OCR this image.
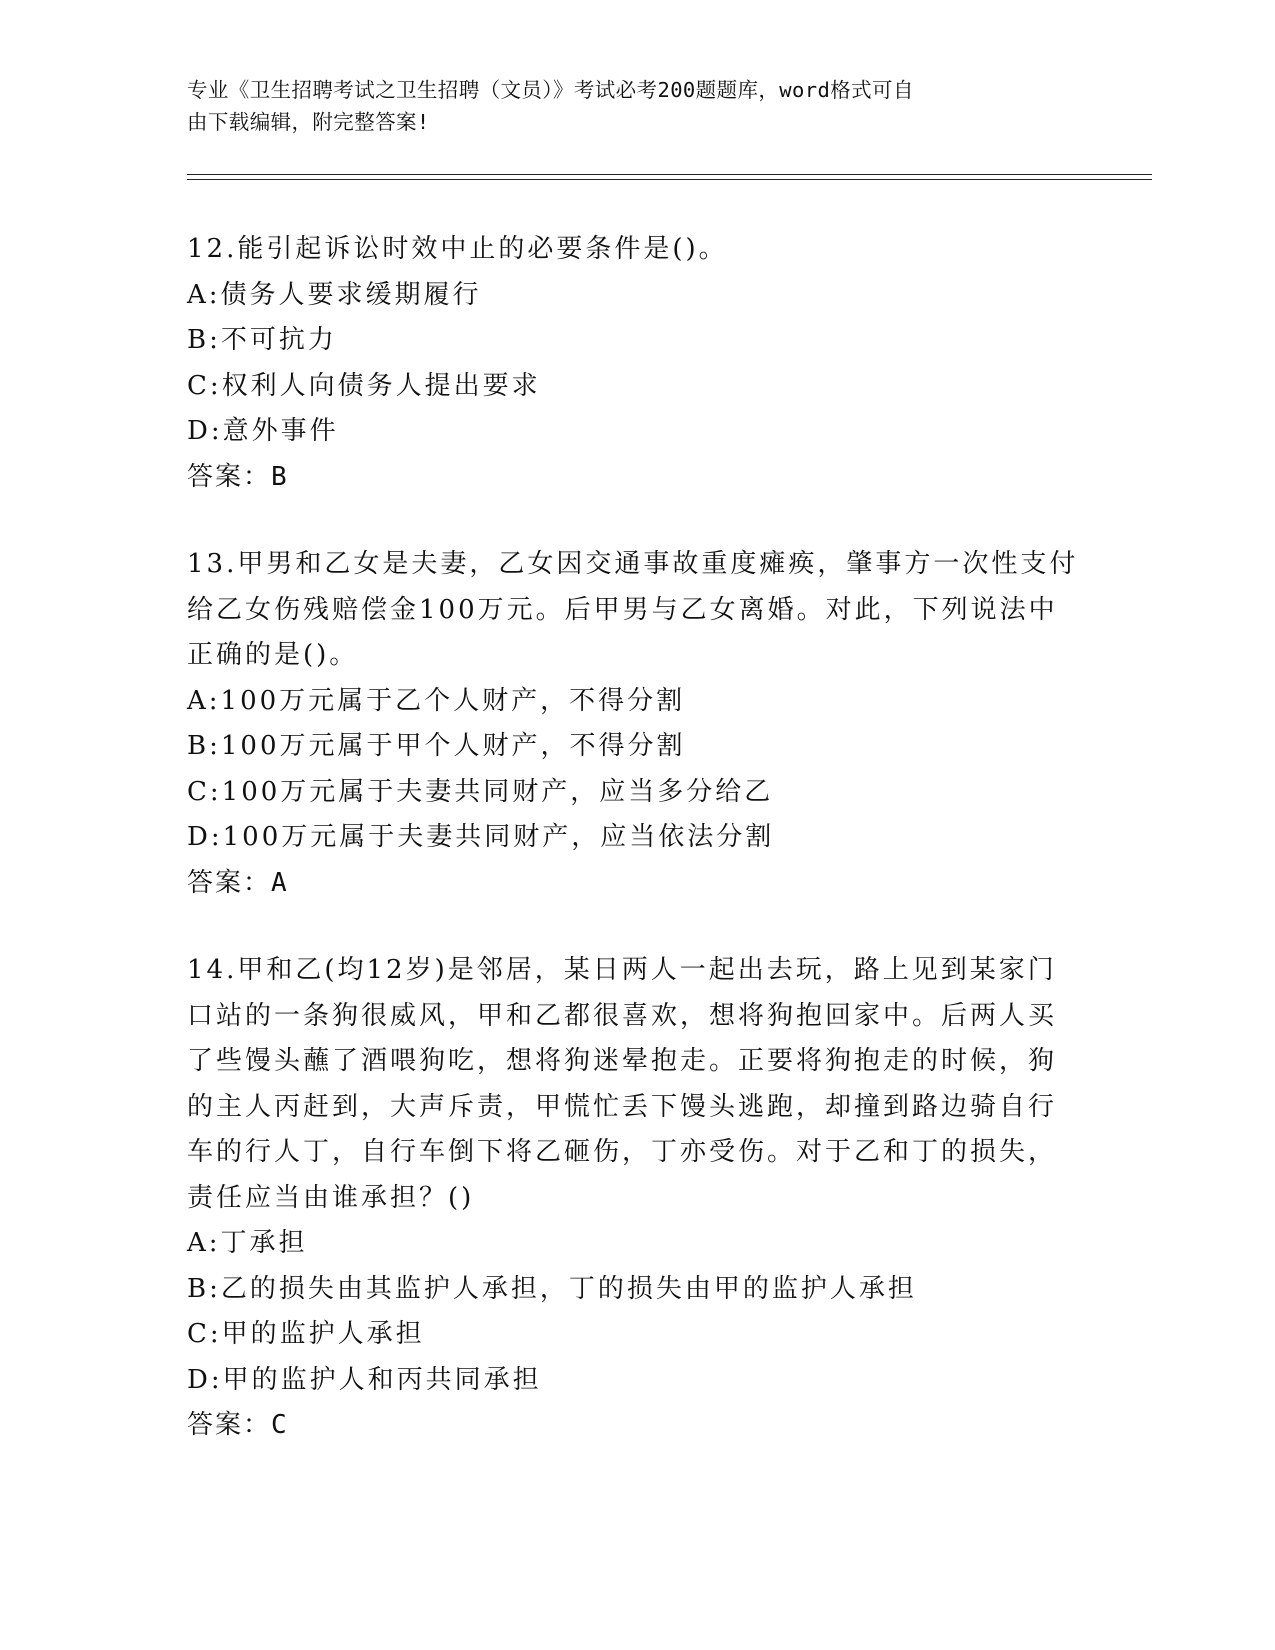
专业《卫生招聘考试之卫生招聘（文员）》考试必考200题题库，word格式可自
由下载编辑，附完整答案!

12.能引起诉讼时效中止的必要条件是()。

A:债务人要求缓期履行

B:不可抗力

C:权利人向债务人提出要求

D:意外事件

答案：B

13.甲男和乙女是夫妻，乙女因交通事故重度瘫痪，肇事方一次性支付

给乙女伤残赔偿金100万元。后甲男与乙女离婚。对此，下列说法中

正确的是()。

A:100万元属于乙个人财产，不得分割

B:100万元属于甲个人财产，不得分割

C:100万元属于夫妻共同财产，应当多分给乙

D:100万元属于夫妻共同财产，应当依法分割

答案：A

14.甲和乙(均12岁)是邻居，某日两人一起出去玩，路上见到某家门

口站的一条狗很威风，甲和乙都很喜欢，想将狗抱回家中。后两人买

了些馒头蘸了酒喂狗吃，想将狗迷晕抱走。正要将狗抱走的时候，狗

的主人丙赶到，大声斥责，甲慌忙丢下馒头逃跑，却撞到路边骑自行

车的行人丁，自行车倒下将乙砸伤，丁亦受伤。对于乙和丁的损失，

责任应当由谁承担？()

A:丁承担

B:乙的损失由其监护人承担，丁的损失由甲的监护人承担

C:甲的监护人承担

D:甲的监护人和丙共同承担

答案：C
